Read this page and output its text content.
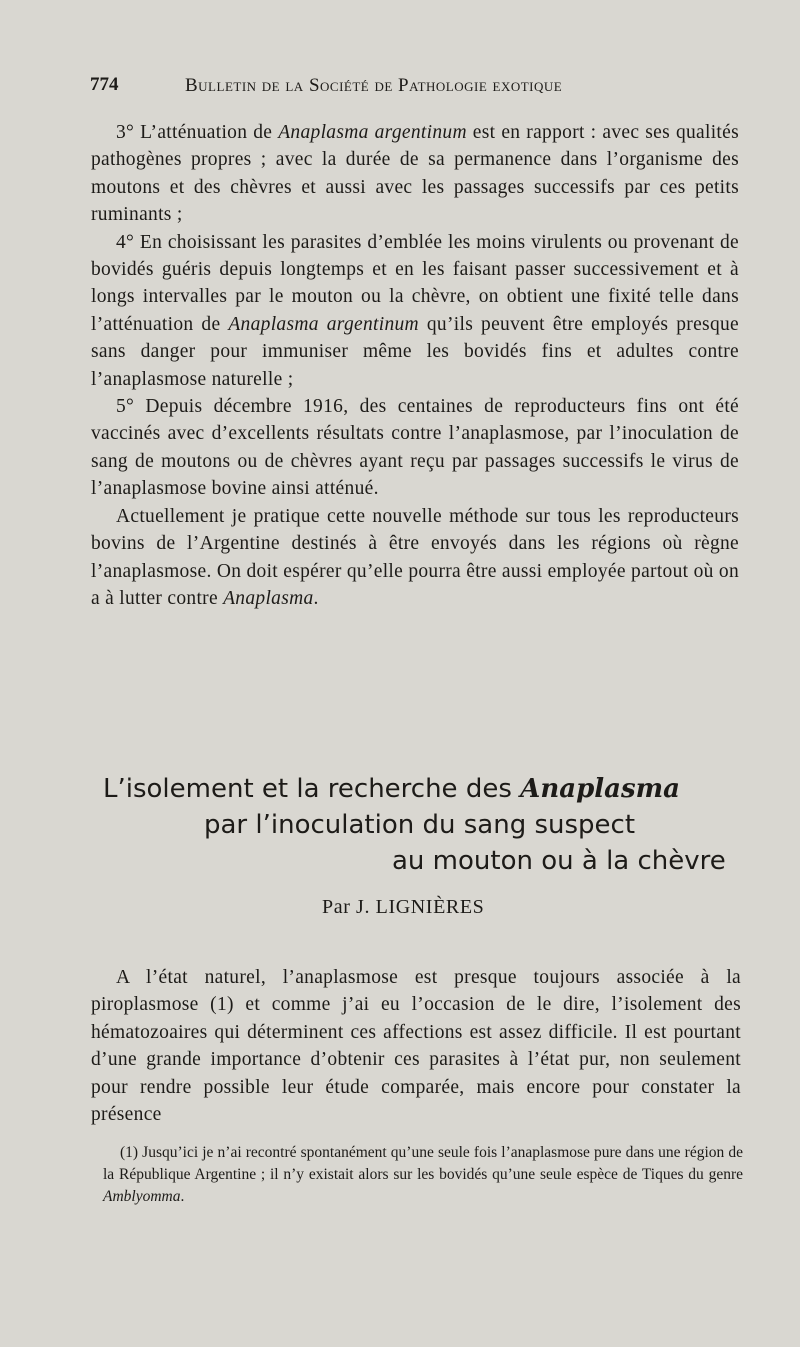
774	Bulletin de la Société de Pathologie exotique

3° L’atténuation de Anaplasma argentinum est en rapport : avec ses qualités pathogènes propres ; avec la durée de sa permanence dans l’organisme des moutons et des chèvres et aussi avec les passages successifs par ces petits ruminants ;

4° En choisissant les parasites d’emblée les moins virulents ou provenant de bovidés guéris depuis longtemps et en les faisant passer successivement et à longs intervalles par le mouton ou la chèvre, on obtient une fixité telle dans l’atténuation de Anaplasma argentinum qu’ils peuvent être employés presque sans danger pour immuniser même les bovidés fins et adultes contre l’anaplasmose naturelle ;

5° Depuis décembre 1916, des centaines de reproducteurs fins ont été vaccinés avec d’excellents résultats contre l’anaplasmose, par l’inoculation de sang de moutons ou de chèvres ayant reçu par passages successifs le virus de l’anaplasmose bovine ainsi atténué.

Actuellement je pratique cette nouvelle méthode sur tous les reproducteurs bovins de l’Argentine destinés à être envoyés dans les régions où règne l’anaplasmose. On doit espérer qu’elle pourra être aussi employée partout où on a à lutter contre Anaplasma.

L’isolement et la recherche des Anaplasma
par l’inoculation du sang suspect
au mouton ou à la chèvre
Par J. LIGNIÈRES

A l’état naturel, l’anaplasmose est presque toujours associée à la piroplasmose (1) et comme j’ai eu l’occasion de le dire, l’isolement des hématozoaires qui déterminent ces affections est assez difficile. Il est pourtant d’une grande importance d’obtenir ces parasites à l’état pur, non seulement pour rendre possible leur étude comparée, mais encore pour constater la présence

(1) Jusqu’ici je n’ai recontré spontanément qu’une seule fois l’anaplasmose pure dans une région de la République Argentine ; il n’y existait alors sur les bovidés qu’une seule espèce de Tiques du genre Amblyomma.
